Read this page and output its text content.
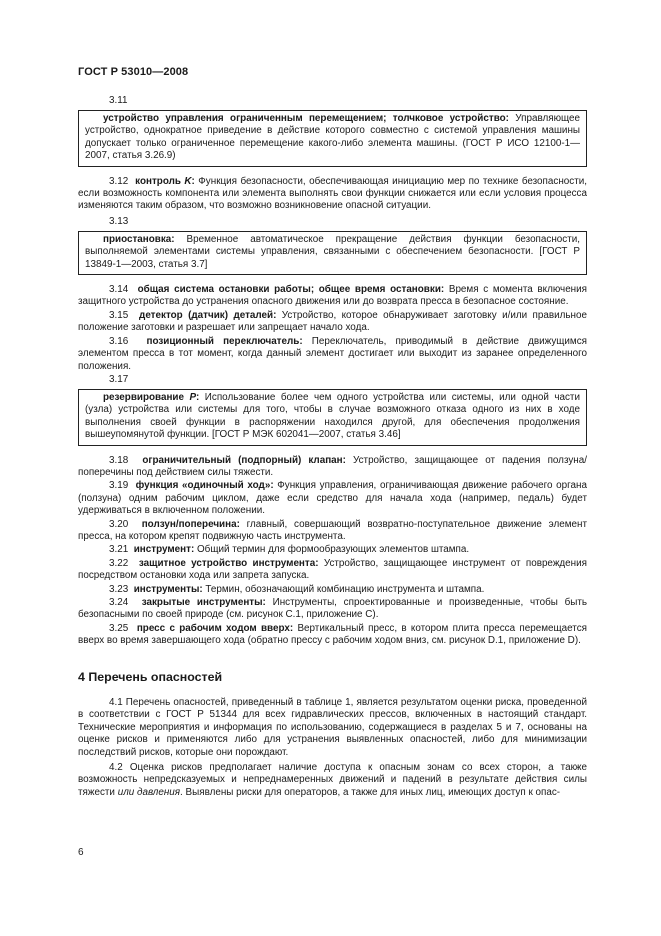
ГОСТ Р 53010—2008
3.11
устройство управления ограниченным перемещением; толчковое устройство: Управляющее устройство, однократное приведение в действие которого совместно с системой управления машины допускает только ограниченное перемещение какого-либо элемента машины. (ГОСТ Р ИСО 12100-1—2007, статья 3.26.9)

3.12 контроль K: Функция безопасности, обеспечивающая инициацию мер по технике безопасности, если возможность компонента или элемента выполнять свои функции снижается или если условия процесса изменяются таким образом, что возможно возникновение опасной ситуации.

3.13
приостановка: Временное автоматическое прекращение действия функции безопасности, выполняемой элементами системы управления, связанными с обеспечением безопасности. [ГОСТ Р 13849-1—2003, статья 3.7]

3.14 общая система остановки работы; общее время остановки: Время с момента включения защитного устройства до устранения опасного движения или до возврата пресса в безопасное состояние.

3.15 детектор (датчик) деталей: Устройство, которое обнаруживает заготовку и/или правильное положение заготовки и разрешает или запрещает начало хода.

3.16 позиционный переключатель: Переключатель, приводимый в действие движущимся элементом пресса в тот момент, когда данный элемент достигает или выходит из заранее определенного положения.

3.17
резервирование P: Использование более чем одного устройства или системы, или одной части (узла) устройства или системы для того, чтобы в случае возможного отказа одного из них в ходе выполнения своей функции в распоряжении находился другой, для обеспечения продолжения вышеупомянутой функции. [ГОСТ Р МЭК 602041—2007, статья 3.46]

3.18 ограничительный (подпорный) клапан: Устройство, защищающее от падения ползуна/поперечины под действием силы тяжести.

3.19 функция «одиночный ход»: Функция управления, ограничивающая движение рабочего органа (ползуна) одним рабочим циклом, даже если средство для начала хода (например, педаль) будет удерживаться в включенном положении.

3.20 ползун/поперечина: главный, совершающий возвратно-поступательное движение элемент пресса, на котором крепят подвижную часть инструмента.

3.21 инструмент: Общий термин для формообразующих элементов штампа.

3.22 защитное устройство инструмента: Устройство, защищающее инструмент от повреждения посредством остановки хода или запрета запуска.

3.23 инструменты: Термин, обозначающий комбинацию инструмента и штампа.

3.24 закрытые инструменты: Инструменты, спроектированные и произведенные, чтобы быть безопасными по своей природе (см. рисунок С.1, приложение С).

3.25 пресс с рабочим ходом вверх: Вертикальный пресс, в котором плита пресса перемещается вверх во время завершающего хода (обратно прессу с рабочим ходом вниз, см. рисунок D.1, приложение D).

4 Перечень опасностей

4.1 Перечень опасностей, приведенный в таблице 1, является результатом оценки риска, проведенной в соответствии с ГОСТ Р 51344 для всех гидравлических прессов, включенных в настоящий стандарт. Технические мероприятия и информация по использованию, содержащиеся в разделах 5 и 7, основаны на оценке рисков и применяются либо для устранения выявленных опасностей, либо для минимизации последствий рисков, которые они порождают.

4.2 Оценка рисков предполагает наличие доступа к опасным зонам со всех сторон, а также возможность непредсказуемых и непреднамеренных движений и падений в результате действия силы тяжести или давления. Выявлены риски для операторов, а также для иных лиц, имеющих доступ к опас-

6
